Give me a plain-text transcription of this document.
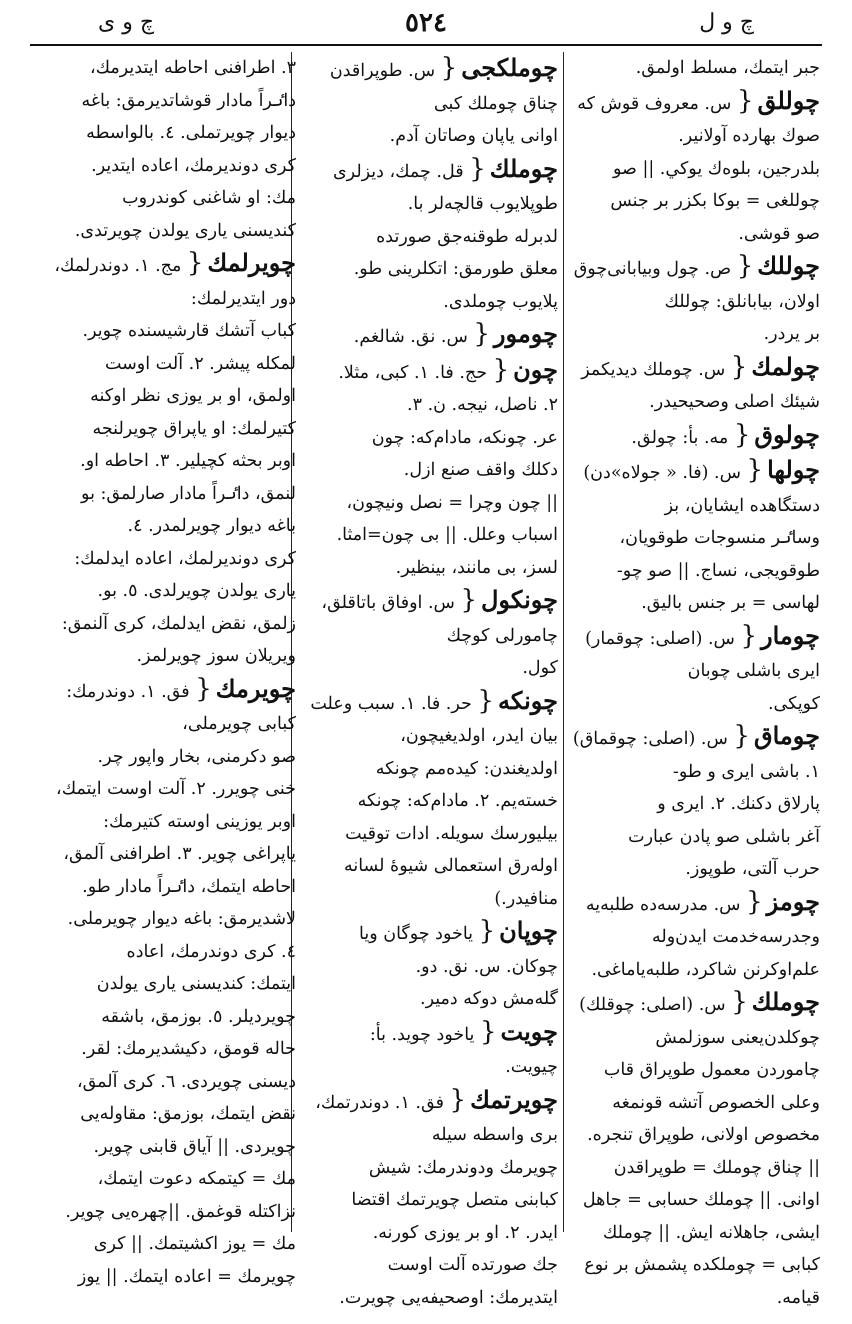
چ و ی	٥٢٤	چ و ل
جبر ایتمك، مسلط اولمق.
چوللق{ س. معروف قوش كه
صوك بهارده آولانیر.
بلدرجين، بلوه‌ك يوكي. || صو
چوللغی = بوكا بكزر بر جنس
صو قوشی.
چوللك{ ص. چول وبيابانی‌چوق
اولان، بيابانلق: چوللك
بر يردر.
چولمك{ س. چوملك ديديكمز
شيئك اصلی وصحيحيدر.
چولوق{ مه. بأ: چولق.
چولها{ س. (فا. « جولاه»‌دن)
دستگاهده ايشايان، بز
وساٸر منسوجات طوقويان،
طوقويجی، نساج. || صو چو-
لهاسی = بر جنس باليق.
چومار{ س. (اصلی: چوقمار)
ايری باشلی چوبان
كوپكی.
چوماق{ س. (اصلی: چوقماق)
۱. باشی ايری و طو-
پارلاق دكنك. ۲. ايری و
آغر باشلی صو پادن عبارت
حرب آلتی، طوپوز.
چومز{ س. مدرسه‌ده طلبه‌يه
وجدرسه‌خدمت ايدن‌وله‌
علم‌اوكرنن شاكرد، طلبه‌ياماغی.
چوملك{ س. (اصلی: چوقلك)
چوكلدن‌يعنی سوزلمش
چاموردن معمول طوپراق قاب
وعلی الخصوص آتشه قونمغه
مخصوص اولانی، طوپراق تنجره.
|| چناق چوملك = طوپراقدن
اوانی. || چوملك حسابی = جاهل
ايشی، جاهلانه ايش. || چوملك
كبابی = چوملكده پشمش بر نوع
قيامه.
چوملكجی{ س. طوپراقدن
چناق چوملك كبی
اوانی ياپان وصاتان آدم.
چوملك{ قل. چمك، ديزلری
طوپلايوب قالچه‌لر با.
لدبرله طوقنه‌جق صورتده
معلق طورمق: اتكلرينی طو.
پلايوب چوملدی.
چومور{ س. نق. شالغم.
چون{ حج. فا. ۱. كبی، مثلا.
۲. ناصل، نيجه. ن. ۳.
عر. چونكه، مادام‌كه: چون
دكلك واقف صنع ازل.
|| چون وچرا = نصل ونيچون،
اسباب وعلل. || بی چون‌=امثا.
لسز، بی مانند، بينظير.
چونكول{ س. اوفاق باتاقلق،
چامورلی كوچك
كول.
چونكه{ حر. فا. ۱. سبب وعلت
بيان ايدر، اولديغيچون،
اولديغندن: كيده‌مم چونكه
خسته‌يم. ۲. مادام‌كه: چونكه
بيليورسك سويله. ادات توقيت
اوله‌رق استعمالی شيوهٔ لسانه
منافيدر.)
چوپان{ ياخود چوگان ويا
چوكان. س. نق. دو.
گله‌مش دوكه دمير.
چويت{ ياخود چويد. بأ:
چيويت.
چويرتمك{ فق. ۱. دوندرتمك،
بری واسطه سيله
چويرمك ودوندرمك: شيش
كبابنی متصل چويرتمك اقتضا
ايدر. ۲. او بر يوزی كورنه.
جك صورتده آلت اوست
ايتديرمك: اوصحيفه‌يی چويرت.
۳. اطرافنی احاطه ايتديرمك،
داٸراً مادار قوشاتدیرمق: باغه
ديوار چويرتملی. ٤. بالواسطه
كری دوندیرمك، اعاده ايتدير.
مك: او شاغنی كوندروب
كنديسنی ياری يولدن چويرتدی.
چويرلمك{ مج. ۱. دوندرلمك،
دور ايتديرلمك:
كباب آتشك قارشيسنده چوير.
لمكله پيشر. ۲. آلت اوست
اولمق، او بر يوزی نظر اوكنه
كتيرلمك: او ياپراق چويرلنجه
اوبر بحثه كچيلير. ۳. احاطه او.
لنمق، داٸراً مادار صارلمق: بو
باغه ديوار چويرلمدر. ٤.
كری دوندیرلمك، اعاده ايدلمك:
ياری يولدن چويرلدی. ٥. بو.
زلمق، نقض ايدلمك، كری آلنمق:
ويريلان سوز چويرلمز.
چويرمك{ فق. ۱. دوندرمك:
كبابی چويرملی،
صو دكرمنی، بخار واپور چر.
خنی چويرر. ۲. آلت اوست ايتمك،
اوبر يوزينی اوسته كتيرمك:
ياپراغی چوير. ۳. اطرافنی آلمق،
احاطه ايتمك، داٸراً مادار طو.
لاشديرمق: باغه ديوار چويرملی.
٤. كری دوندرمك، اعاده
ايتمك: كنديسنی ياری يولدن
چويرديلر. ٥. بوزمق، باشقه
حاله قومق، دكيشديرمك: لقر.
ديسنی چويردی. ٦. كری آلمق،
نقض ايتمك، بوزمق: مقاوله‌يی
چويردی. || آياق قابنی چوير.
مك = كيتمكه دعوت ايتمك،
نزاكتله قوغمق. ||چهره‌يی چوير.
مك = يوز اكشيتمك. || كری
چويرمك = اعاده ايتمك. || يوز
